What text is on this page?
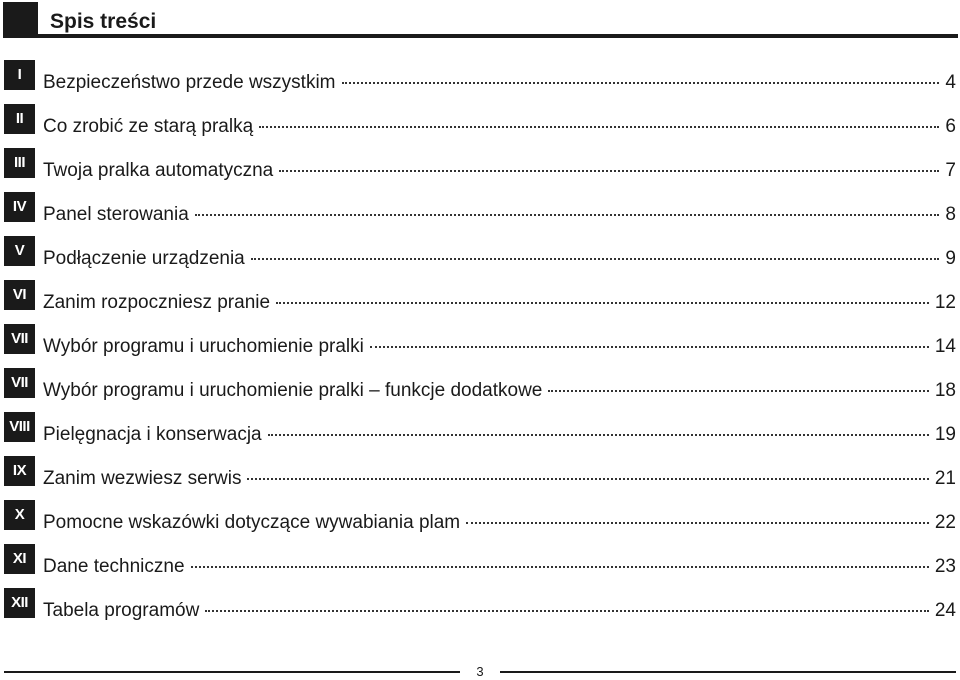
Spis treści
I	Bezpieczeństwo przede wszystkim	4
II	Co zrobić ze starą pralką	6
III Twoja pralka automatyczna	7
IV Panel sterowania	8
V Podłączenie urządzenia	9
VI Zanim rozpoczniesz pranie	12
VII Wybór programu i uruchomienie pralki	14
VII Wybór programu i uruchomienie pralki – funkcje dodatkowe	18
VIII Pielęgnacja i konserwacja	19
IX Zanim wezwiesz serwis	21
X Pomocne wskazówki dotyczące wywabiania plam	22
XI Dane techniczne	23
XII Tabela programów	24
3
